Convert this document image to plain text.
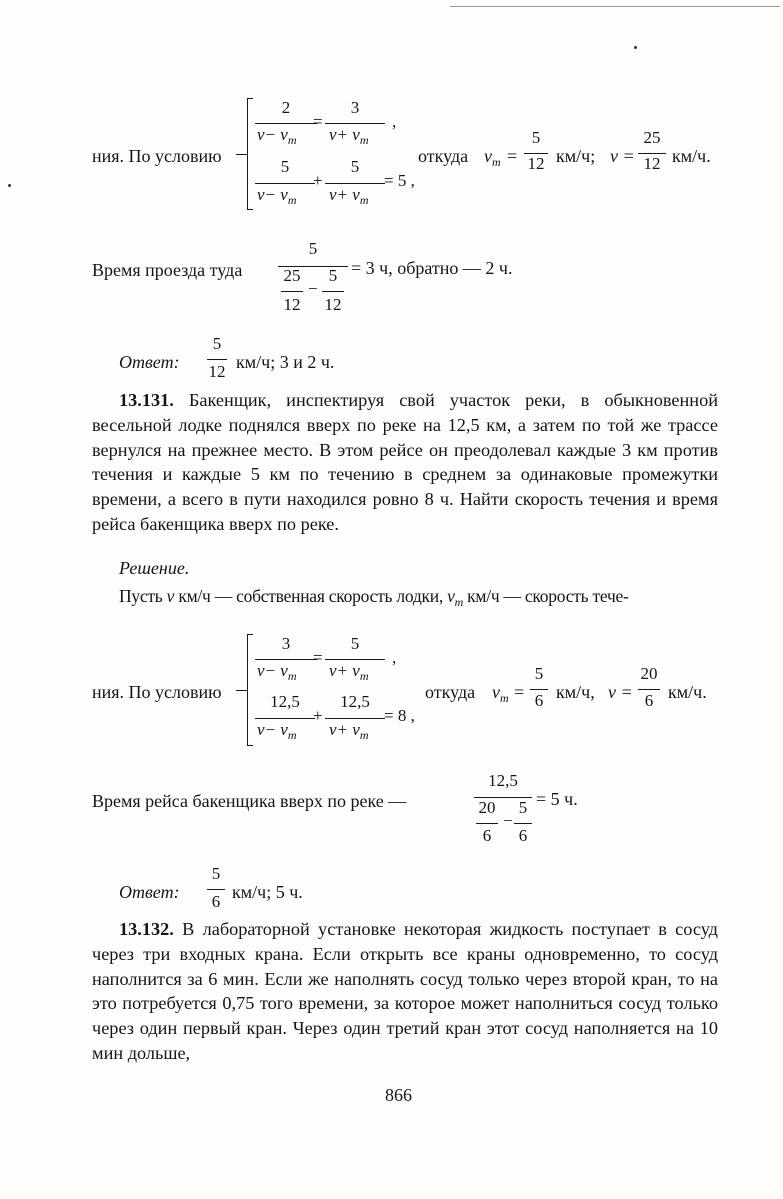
ния. По условию
2
$v- v_т$
=
3
$v+ v_т$
,
5
$v- v_т$
+
5
$v+ v_т$
= 5 ,
откуда $v_т$ =
5
12 км/ч; v =
25
12 км/ч.
Время проезда туда
5
25
12
−
5
12
= 3 ч, обратно — 2 ч.
Ответ:
5
12 км/ч; 3 и 2 ч.

13.131. Бакенщик, инспектируя свой участок реки, в обыкновенной весельной лодке поднялся вверх по реке на 12,5 км, а затем по той же трассе вернулся на прежнее место. В этом рейсе он преодолевал каждые 3 км против течения и каждые 5 км по течению в среднем за одинаковые промежутки времени, а всего в пути находился ровно 8 ч. Найти скорость течения и время рейса бакенщика вверх по реке.

Решение.
Пусть v км/ч — собственная скорость лодки, $v_т$ км/ч — скорость тече-
ния. По условию
3
$v- v_т$
=
5
$v+ v_т$
,
12,5
$v- v_т$
+
12,5
$v+ v_т$
= 8 ,
откуда $v_т$ =
5
6 км/ч, v =
20
6 км/ч.
Время рейса бакенщика вверх по реке —
12,5
20
6
−
5
6
= 5 ч.
Ответ:
5
6 км/ч; 5 ч.

13.132. В лабораторной установке некоторая жидкость поступает в сосуд через три входных крана. Если открыть все краны одновременно, то сосуд наполнится за 6 мин. Если же наполнять сосуд только через второй кран, то на это потребуется 0,75 того времени, за которое может наполниться сосуд только через один первый кран. Через один третий кран этот сосуд наполняется на 10 мин дольше,

866
